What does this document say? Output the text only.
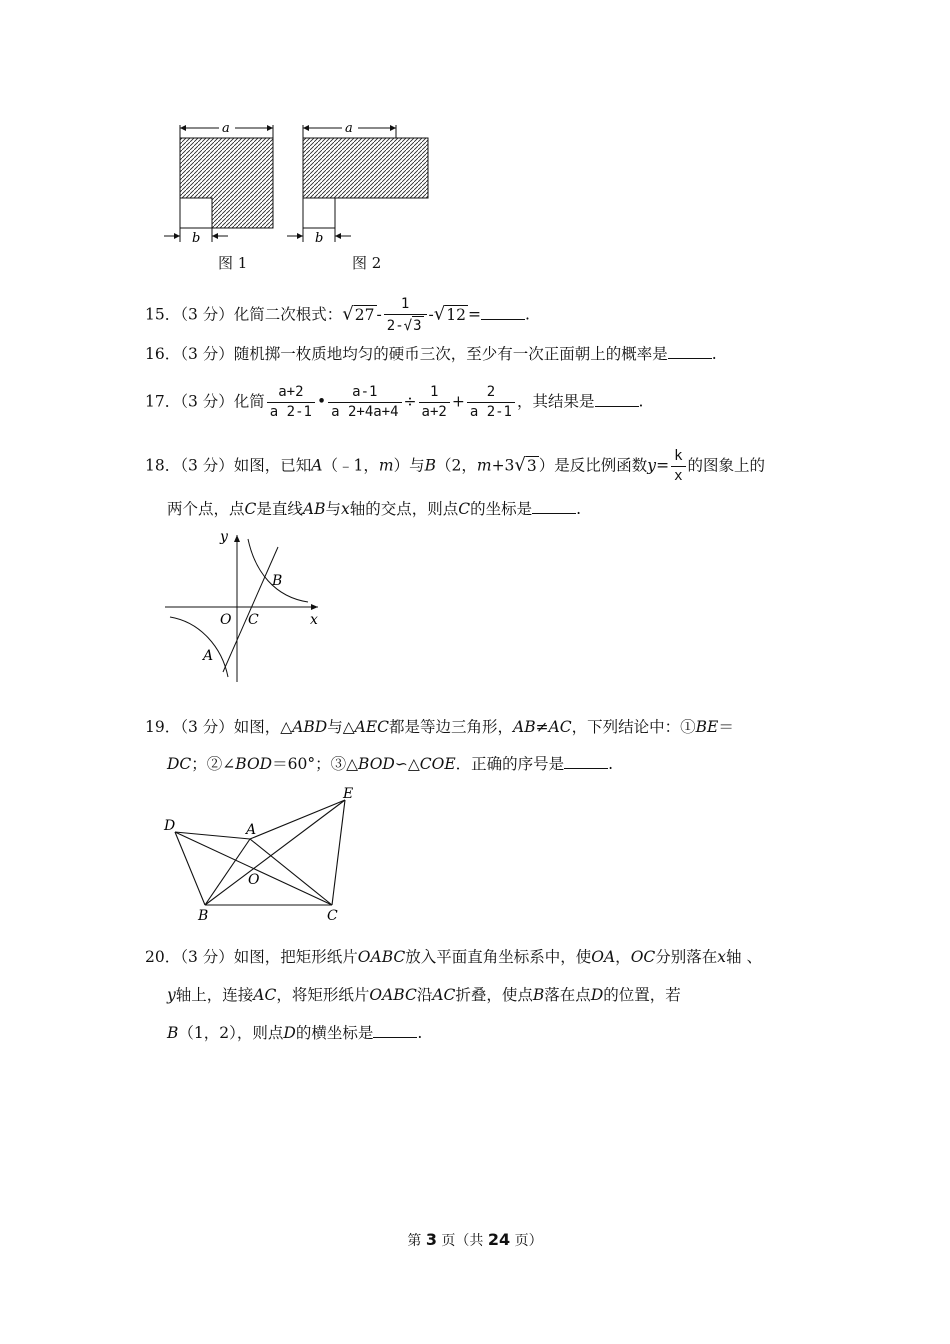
a
b
a
b
图 1	图 2
15．（3 分）化简二次根式：$√27 - \frac{1}{2-√3} -√12$ =	.
16．（3 分）随机掷一枚质地均匀的硬币三次，至少有一次正面朝上的概率是	.
17．（3 分）化简 $\frac{a+2}{a 2-1}$ • $\frac{a-1}{a 2+4a+4} \div \frac{1}{a+2} + \frac{2}{a 2-1}$ ，其结果是	.
18．（3 分）如图，已知A（﹣1，m）与B（2，m+3√3 ）是反比例函数$y= \frac{k}{x}$ 的图象上的
两个点，点C是直线AB与x轴的交点，则点C的坐标是	.
y
x
O C
B
A
19．（3 分）如图，△ABD与△AEC都是等边三角形，AB≠AC，下列结论中：①BE＝
DC；②∠BOD＝60°；③△BOD∽△COE．正确的序号是	.
D	A
E
O
B	C
20．（3 分）如图，把矩形纸片OABC放入平面直角坐标系中，使OA，OC分别落在x轴 、
y轴上，连接AC，将矩形纸片OABC沿AC折叠，使点B落在点D的位置，若
B（1，2），则点D的横坐标是	.
第 3 页（共 24 页）
